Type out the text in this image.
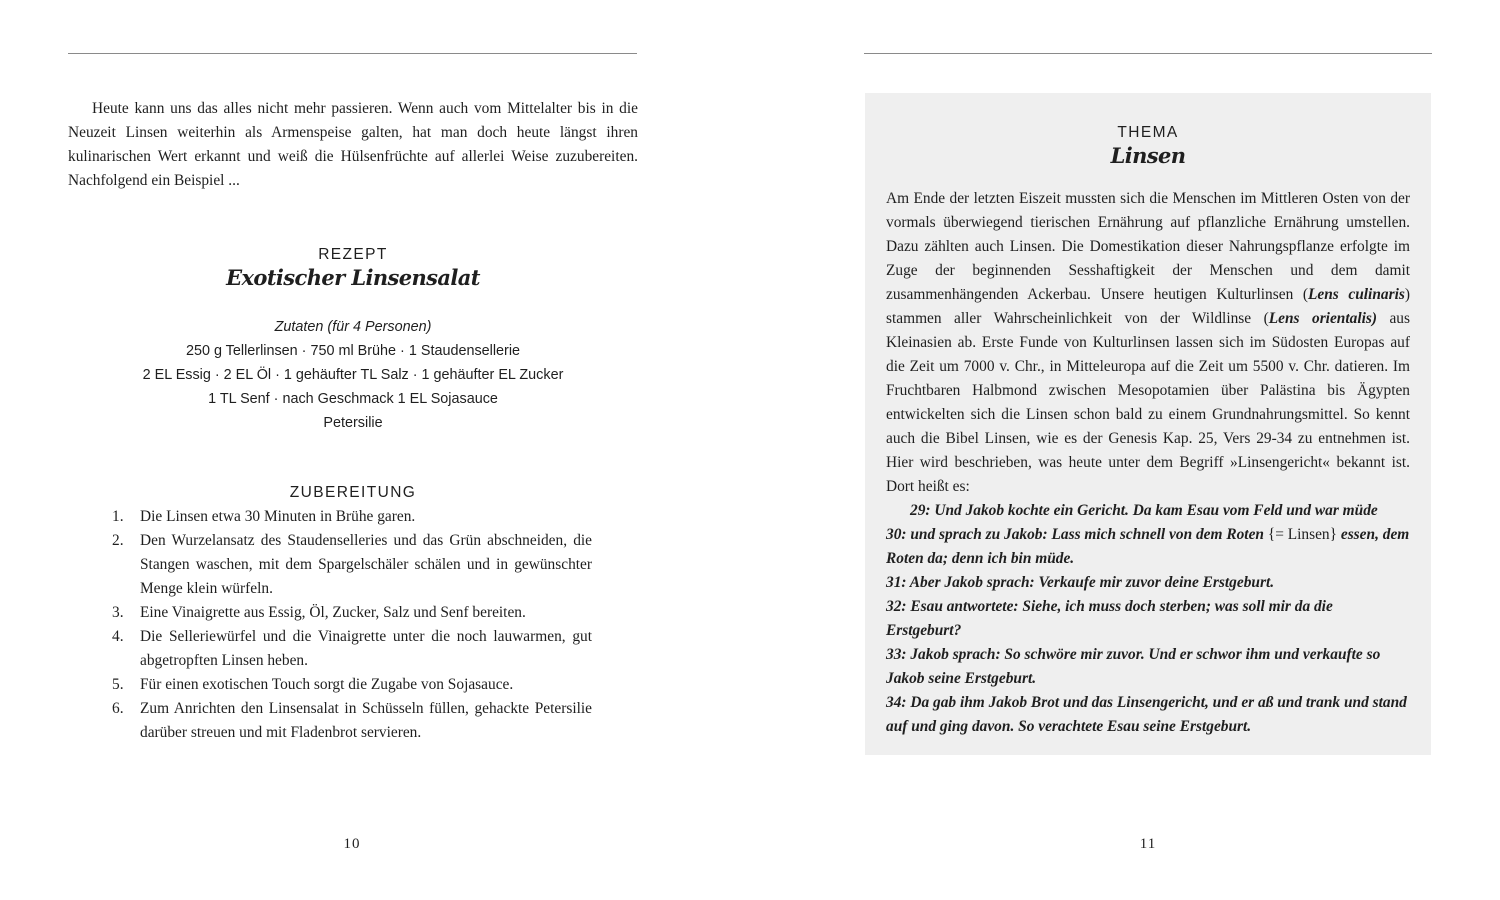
Heute kann uns das alles nicht mehr passieren. Wenn auch vom Mittelalter bis in die Neuzeit Linsen weiterhin als Armenspeise galten, hat man doch heute längst ihren kulinarischen Wert erkannt und weiß die Hülsenfrüchte auf allerlei Weise zuzubereiten. Nachfolgend ein Beispiel ...

REZEPT
Exotischer Linsensalat
Zutaten (für 4 Personen)
250 g Tellerlinsen · 750 ml Brühe · 1 Staudensellerie
2 EL Essig · 2 EL Öl · 1 gehäufter TL Salz · 1 gehäufter EL Zucker
1 TL Senf · nach Geschmack 1 EL Sojasauce
Petersilie
ZUBEREITUNG
1. Die Linsen etwa 30 Minuten in Brühe garen.
2. Den Wurzelansatz des Staudenselleries und das Grün abschneiden, die Stangen waschen, mit dem Spargelschäler schälen und in gewünschter Menge klein würfeln.
3. Eine Vinaigrette aus Essig, Öl, Zucker, Salz und Senf bereiten.
4. Die Selleriewürfel und die Vinaigrette unter die noch lauwarmen, gut abgetropften Linsen heben.
5. Für einen exotischen Touch sorgt die Zugabe von Sojasauce.
6. Zum Anrichten den Linsensalat in Schüsseln füllen, gehackte Petersilie darüber streuen und mit Fladenbrot servieren.
THEMA
Linsen

Am Ende der letzten Eiszeit mussten sich die Menschen im Mittleren Osten von der vormals überwiegend tierischen Ernährung auf pflanzliche Ernährung umstellen. Dazu zählten auch Linsen. Die Domestikation dieser Nahrungspflanze erfolgte im Zuge der beginnenden Sesshaftigkeit der Menschen und dem damit zusammenhängenden Ackerbau. Unsere heutigen Kulturlinsen (Lens culinaris) stammen aller Wahrscheinlichkeit von der Wildlinse (Lens orientalis) aus Kleinasien ab. Erste Funde von Kulturlinsen lassen sich im Südosten Europas auf die Zeit um 7000 v. Chr., in Mitteleuropa auf die Zeit um 5500 v. Chr. datieren. Im Fruchtbaren Halbmond zwischen Mesopotamien über Palästina bis Ägypten entwickelten sich die Linsen schon bald zu einem Grundnahrungsmittel. So kennt auch die Bibel Linsen, wie es der Genesis Kap. 25, Vers 29-34 zu entnehmen ist. Hier wird beschrieben, was heute unter dem Begriff »Linsengericht« bekannt ist. Dort heißt es:

29: Und Jakob kochte ein Gericht. Da kam Esau vom Feld und war müde

30: und sprach zu Jakob: Lass mich schnell von dem Roten {= Linsen} essen, dem Roten da; denn ich bin müde.

31: Aber Jakob sprach: Verkaufe mir zuvor deine Erstgeburt.

32: Esau antwortete: Siehe, ich muss doch sterben; was soll mir da die Erstgeburt?

33: Jakob sprach: So schwöre mir zuvor. Und er schwor ihm und verkaufte so Jakob seine Erstgeburt.

34: Da gab ihm Jakob Brot und das Linsengericht, und er aß und trank und stand auf und ging davon. So verachtete Esau seine Erstgeburt.

10	11
